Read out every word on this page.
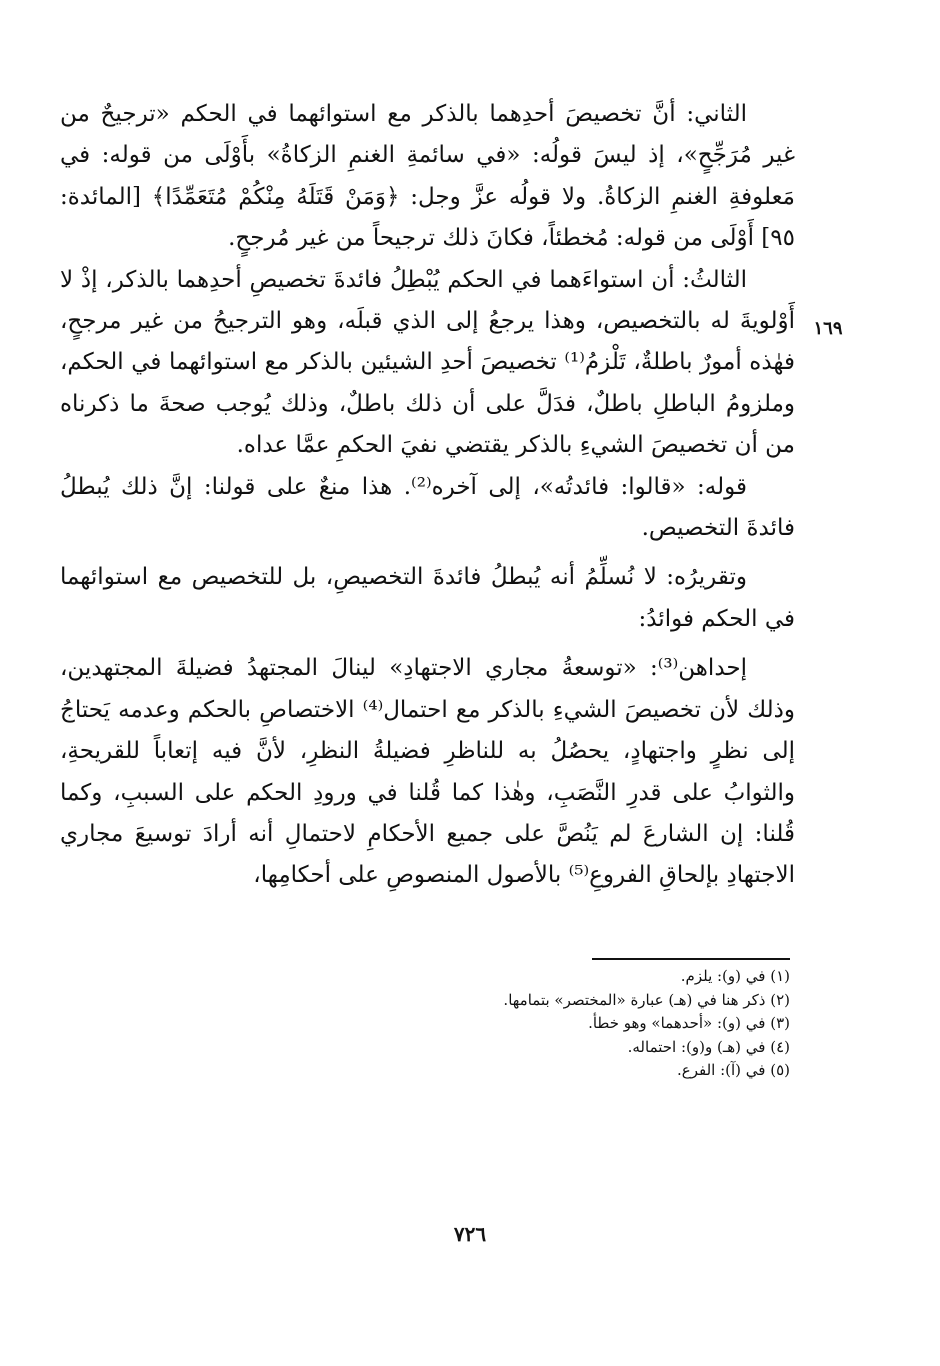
الثاني: أنَّ تخصيصَ أحدِهما بالذكر مع استوائهما في الحكم «ترجيحٌ من غير مُرَجِّحٍ»، إذ ليسَ قولُه: «في سائمةِ الغنمِ الزكاةُ» بأَوْلَى من قوله: في مَعلوفةِ الغنمِ الزكاةُ. ولا قولُه عزَّ وجل: ﴿وَمَنْ قَتَلَهُ مِنْكُمْ مُتَعَمِّدًا﴾ [المائدة: ٩٥] أَوْلَى من قوله: مُخطئاً، فكانَ ذلك ترجيحاً من غير مُرجحٍ.

الثالثُ: أن استواءَهما في الحكم يُبْطِلُ فائدةَ تخصيصِ أحدِهما بالذكر، إذْ لا أَوْلويةَ له بالتخصيص، وهذا يرجعُ إلى الذي قبلَه، وهو الترجيحُ من غير مرجحٍ، فهٰذه أمورٌ باطلةٌ، تَلْزمُ⁽¹⁾ تخصيصَ أحدِ الشيئين بالذكر مع استوائهما في الحكم، وملزومُ الباطلِ باطلٌ، فدَلَّ على أن ذلك باطلٌ، وذلك يُوجب صحةَ ما ذكرناه من أن تخصيصَ الشيءِ بالذكر يقتضي نفيَ الحكمِ عمَّا عداه.

قوله: «قالوا: فائدتُه»، إلى آخره⁽²⁾. هذا منعٌ على قولنا: إنَّ ذلك يُبطلُ فائدةَ التخصيص.

وتقريرُه: لا نُسلِّمُ أنه يُبطلُ فائدةَ التخصيصِ، بل للتخصيص مع استوائهما في الحكم فوائدُ:

إحداهن⁽³⁾: «توسعةُ مجاري الاجتهادِ» لينالَ المجتهدُ فضيلةَ المجتهدين، وذلك لأن تخصيصَ الشيءِ بالذكر مع احتمال⁽⁴⁾ الاختصاصِ بالحكم وعدمه يَحتاجُ إلى نظرٍ واجتهادٍ، يحصُلُ به للناظرِ فضيلةُ النظرِ، لأنَّ فيه إتعاباً للقريحةِ، والثوابُ على قدرِ النَّصَبِ، وهٰذا كما قُلنا في ورودِ الحكم على السببِ، وكما قُلنا: إن الشارعَ لم يَنُصَّ على جميع الأحكامِ لاحتمالِ أنه أرادَ توسيعَ مجاري الاجتهادِ بإلحاقِ الفروعِ⁽⁵⁾ بالأصول المنصوصِ على أحكامِها،

١٦٩

(١) في (و): يلزم.

(٢) ذكر هنا في (هـ) عبارة «المختصر» بتمامها.

(٣) في (و): «أحدهما» وهو خطأ.

(٤) في (هـ) و(و): احتماله.

(٥) في (آ): الفرع.

٧٢٦
